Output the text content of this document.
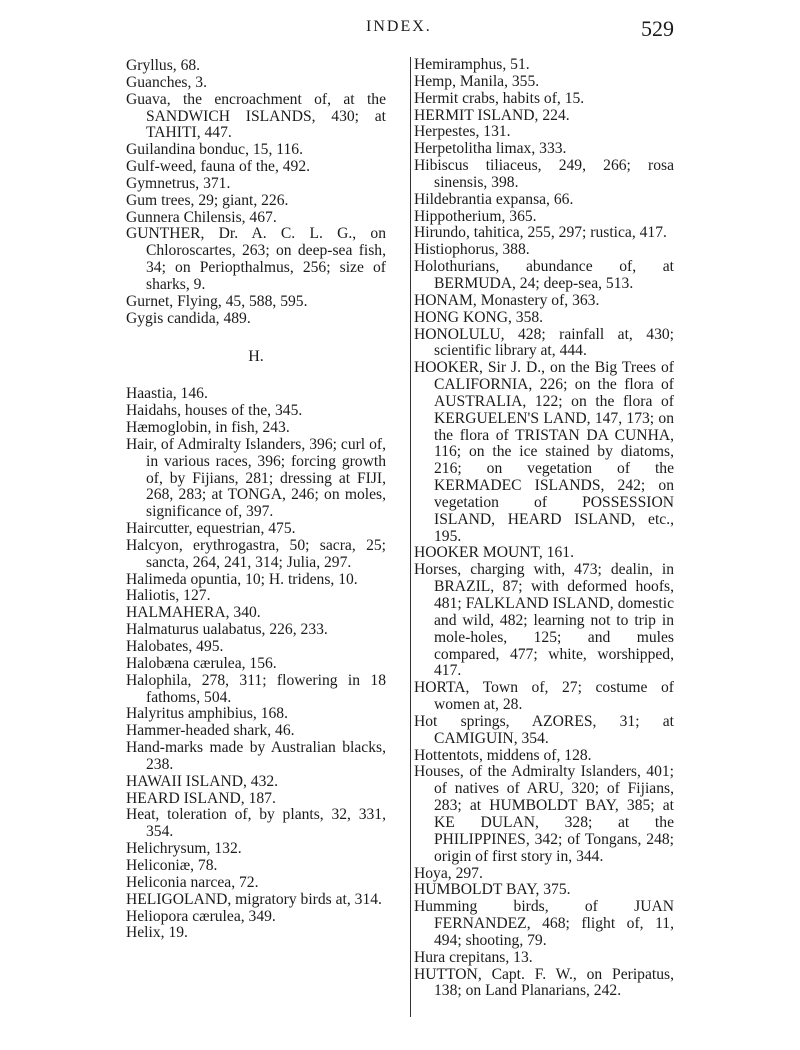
INDEX.	529
Gryllus, 68.
Guanches, 3.
Guava, the encroachment of, at the SANDWICH ISLANDS, 430; at TAHITI, 447.
Guilandina bonduc, 15, 116.
Gulf-weed, fauna of the, 492.
Gymnetrus, 371.
Gum trees, 29; giant, 226.
Gunnera Chilensis, 467.
GUNTHER, Dr. A. C. L. G., on Chloroscartes, 263; on deep-sea fish, 34; on Periopthalmus, 256; size of sharks, 9.
Gurnet, Flying, 45, 588, 595.
Gygis candida, 489.
H.
Haastia, 146.
Haidahs, houses of the, 345.
Hæmoglobin, in fish, 243.
Hair, of Admiralty Islanders, 396; curl of, in various races, 396; forcing growth of, by Fijians, 281; dressing at FIJI, 268, 283; at TONGA, 246; on moles, significance of, 397.
Haircutter, equestrian, 475.
Halcyon, erythrogastra, 50; sacra, 25; sancta, 264, 241, 314; Julia, 297.
Halimeda opuntia, 10; H. tridens, 10.
Haliotis, 127.
HALMAHERA, 340.
Halmaturus ualabatus, 226, 233.
Halobates, 495.
Halobæna cærulea, 156.
Halophila, 278, 311; flowering in 18 fathoms, 504.
Halyritus amphibius, 168.
Hammer-headed shark, 46.
Hand-marks made by Australian blacks, 238.
HAWAII ISLAND, 432.
HEARD ISLAND, 187.
Heat, toleration of, by plants, 32, 331, 354.
Helichrysum, 132.
Heliconiæ, 78.
Heliconia narcea, 72.
HELIGOLAND, migratory birds at, 314.
Heliopora cærulea, 349.
Helix, 19.
Hemiramphus, 51.
Hemp, Manila, 355.
Hermit crabs, habits of, 15.
HERMIT ISLAND, 224.
Herpestes, 131.
Herpetolitha limax, 333.
Hibiscus tiliaceus, 249, 266; rosa sinensis, 398.
Hildebrantia expansa, 66.
Hippotherium, 365.
Hirundo, tahitica, 255, 297; rustica, 417.
Histiophorus, 388.
Holothurians, abundance of, at BERMUDA, 24; deep-sea, 513.
HONAM, Monastery of, 363.
HONG KONG, 358.
HONOLULU, 428; rainfall at, 430; scientific library at, 444.
HOOKER, Sir J. D., on the Big Trees of CALIFORNIA, 226; on the flora of AUSTRALIA, 122; on the flora of KERGUELEN'S LAND, 147, 173; on the flora of TRISTAN DA CUNHA, 116; on the ice stained by diatoms, 216; on vegetation of the KERMADEC ISLANDS, 242; on vegetation of POSSESSION ISLAND, HEARD ISLAND, etc., 195.
HOOKER MOUNT, 161.
Horses, charging with, 473; dealin, in BRAZIL, 87; with deformed hoofs, 481; FALKLAND ISLAND, domestic and wild, 482; learning not to trip in mole-holes, 125; and mules compared, 477; white, worshipped, 417.
HORTA, Town of, 27; costume of women at, 28.
Hot springs, AZORES, 31; at CAMIGUIN, 354.
Hottentots, middens of, 128.
Houses, of the Admiralty Islanders, 401; of natives of ARU, 320; of Fijians, 283; at HUMBOLDT BAY, 385; at KE DULAN, 328; at the PHILIPPINES, 342; of Tongans, 248; origin of first story in, 344.
Hoya, 297.
HUMBOLDT BAY, 375.
Humming birds, of JUAN FERNANDEZ, 468; flight of, 11, 494; shooting, 79.
Hura crepitans, 13.
HUTTON, Capt. F. W., on Peripatus, 138; on Land Planarians, 242.
